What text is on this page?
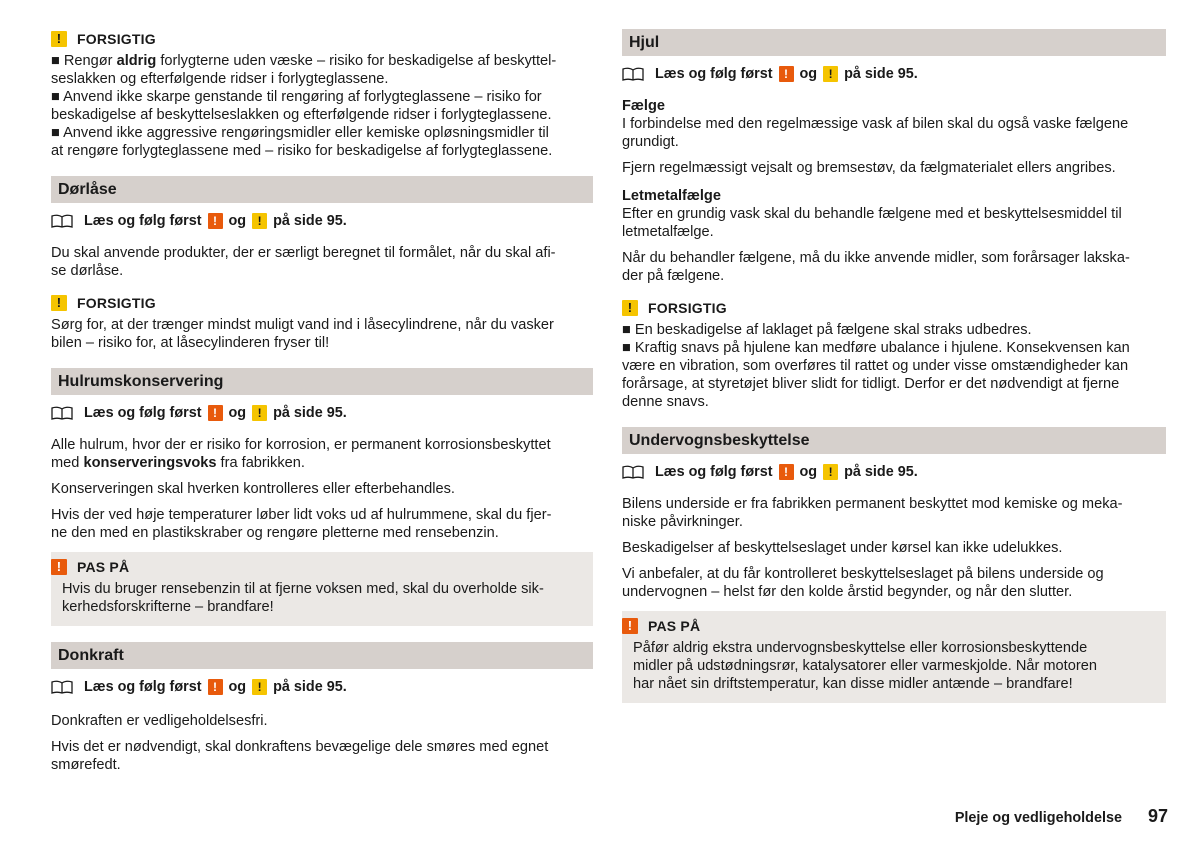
!	FORSIGTIG

■ Rengør aldrig forlygterne uden væske – risiko for beskadigelse af beskyttel-

seslakken og efterfølgende ridser i forlygteglassene.

■ Anvend ikke skarpe genstande til rengøring af forlygteglassene – risiko for

beskadigelse af beskyttelseslakken og efterfølgende ridser i forlygteglassene.

■ Anvend ikke aggressive rengøringsmidler eller kemiske opløsningsmidler til

at rengøre forlygteglassene med – risiko for beskadigelse af forlygteglassene.

Dørlåse
Læs og følg først
!
og
!
på side 95.

Du skal anvende produkter, der er særligt beregnet til formålet, når du skal afi-

se dørlåse.

!	FORSIGTIG

Sørg for, at der trænger mindst muligt vand ind i låsecylindrene, når du vasker

bilen – risiko for, at låsecylinderen fryser til!

Hulrumskonservering
Læs og følg først
!
og
!
på side 95.

Alle hulrum, hvor der er risiko for korrosion, er permanent korrosionsbeskyttet

med konserveringsvoks fra fabrikken.

Konserveringen skal hverken kontrolleres eller efterbehandles.

Hvis der ved høje temperaturer løber lidt voks ud af hulrummene, skal du fjer-

ne den med en plastikskraber og rengøre pletterne med rensebenzin.

!	PAS PÅ

Hvis du bruger rensebenzin til at fjerne voksen med, skal du overholde sik-

kerhedsforskrifterne – brandfare!

Donkraft
Læs og følg først
!
og
!
på side 95.

Donkraften er vedligeholdelsesfri.

Hvis det er nødvendigt, skal donkraftens bevægelige dele smøres med egnet

smørefedt.

Hjul
Læs og følg først
!
og
!
på side 95.

Fælge

I forbindelse med den regelmæssige vask af bilen skal du også vaske fælgene

grundigt.

Fjern regelmæssigt vejsalt og bremsestøv, da fælgmaterialet ellers angribes.

Letmetalfælge

Efter en grundig vask skal du behandle fælgene med et beskyttelsesmiddel til

letmetalfælge.

Når du behandler fælgene, må du ikke anvende midler, som forårsager lakska-

der på fælgene.

!	FORSIGTIG

■ En beskadigelse af laklaget på fælgene skal straks udbedres.

■ Kraftig snavs på hjulene kan medføre ubalance i hjulene. Konsekvensen kan

være en vibration, som overføres til rattet og under visse omstændigheder kan

forårsage, at styretøjet bliver slidt for tidligt. Derfor er det nødvendigt at fjerne

denne snavs.

Undervognsbeskyttelse
Læs og følg først
!
og
!
på side 95.

Bilens underside er fra fabrikken permanent beskyttet mod kemiske og meka-

niske påvirkninger.

Beskadigelser af beskyttelseslaget under kørsel kan ikke udelukkes.

Vi anbefaler, at du får kontrolleret beskyttelseslaget på bilens underside og

undervognen – helst før den kolde årstid begynder, og når den slutter.

!	PAS PÅ

Påfør aldrig ekstra undervognsbeskyttelse eller korrosionsbeskyttende

midler på udstødningsrør, katalysatorer eller varmeskjolde. Når motoren

har nået sin driftstemperatur, kan disse midler antænde – brandfare!

Pleje og vedligeholdelse 97
